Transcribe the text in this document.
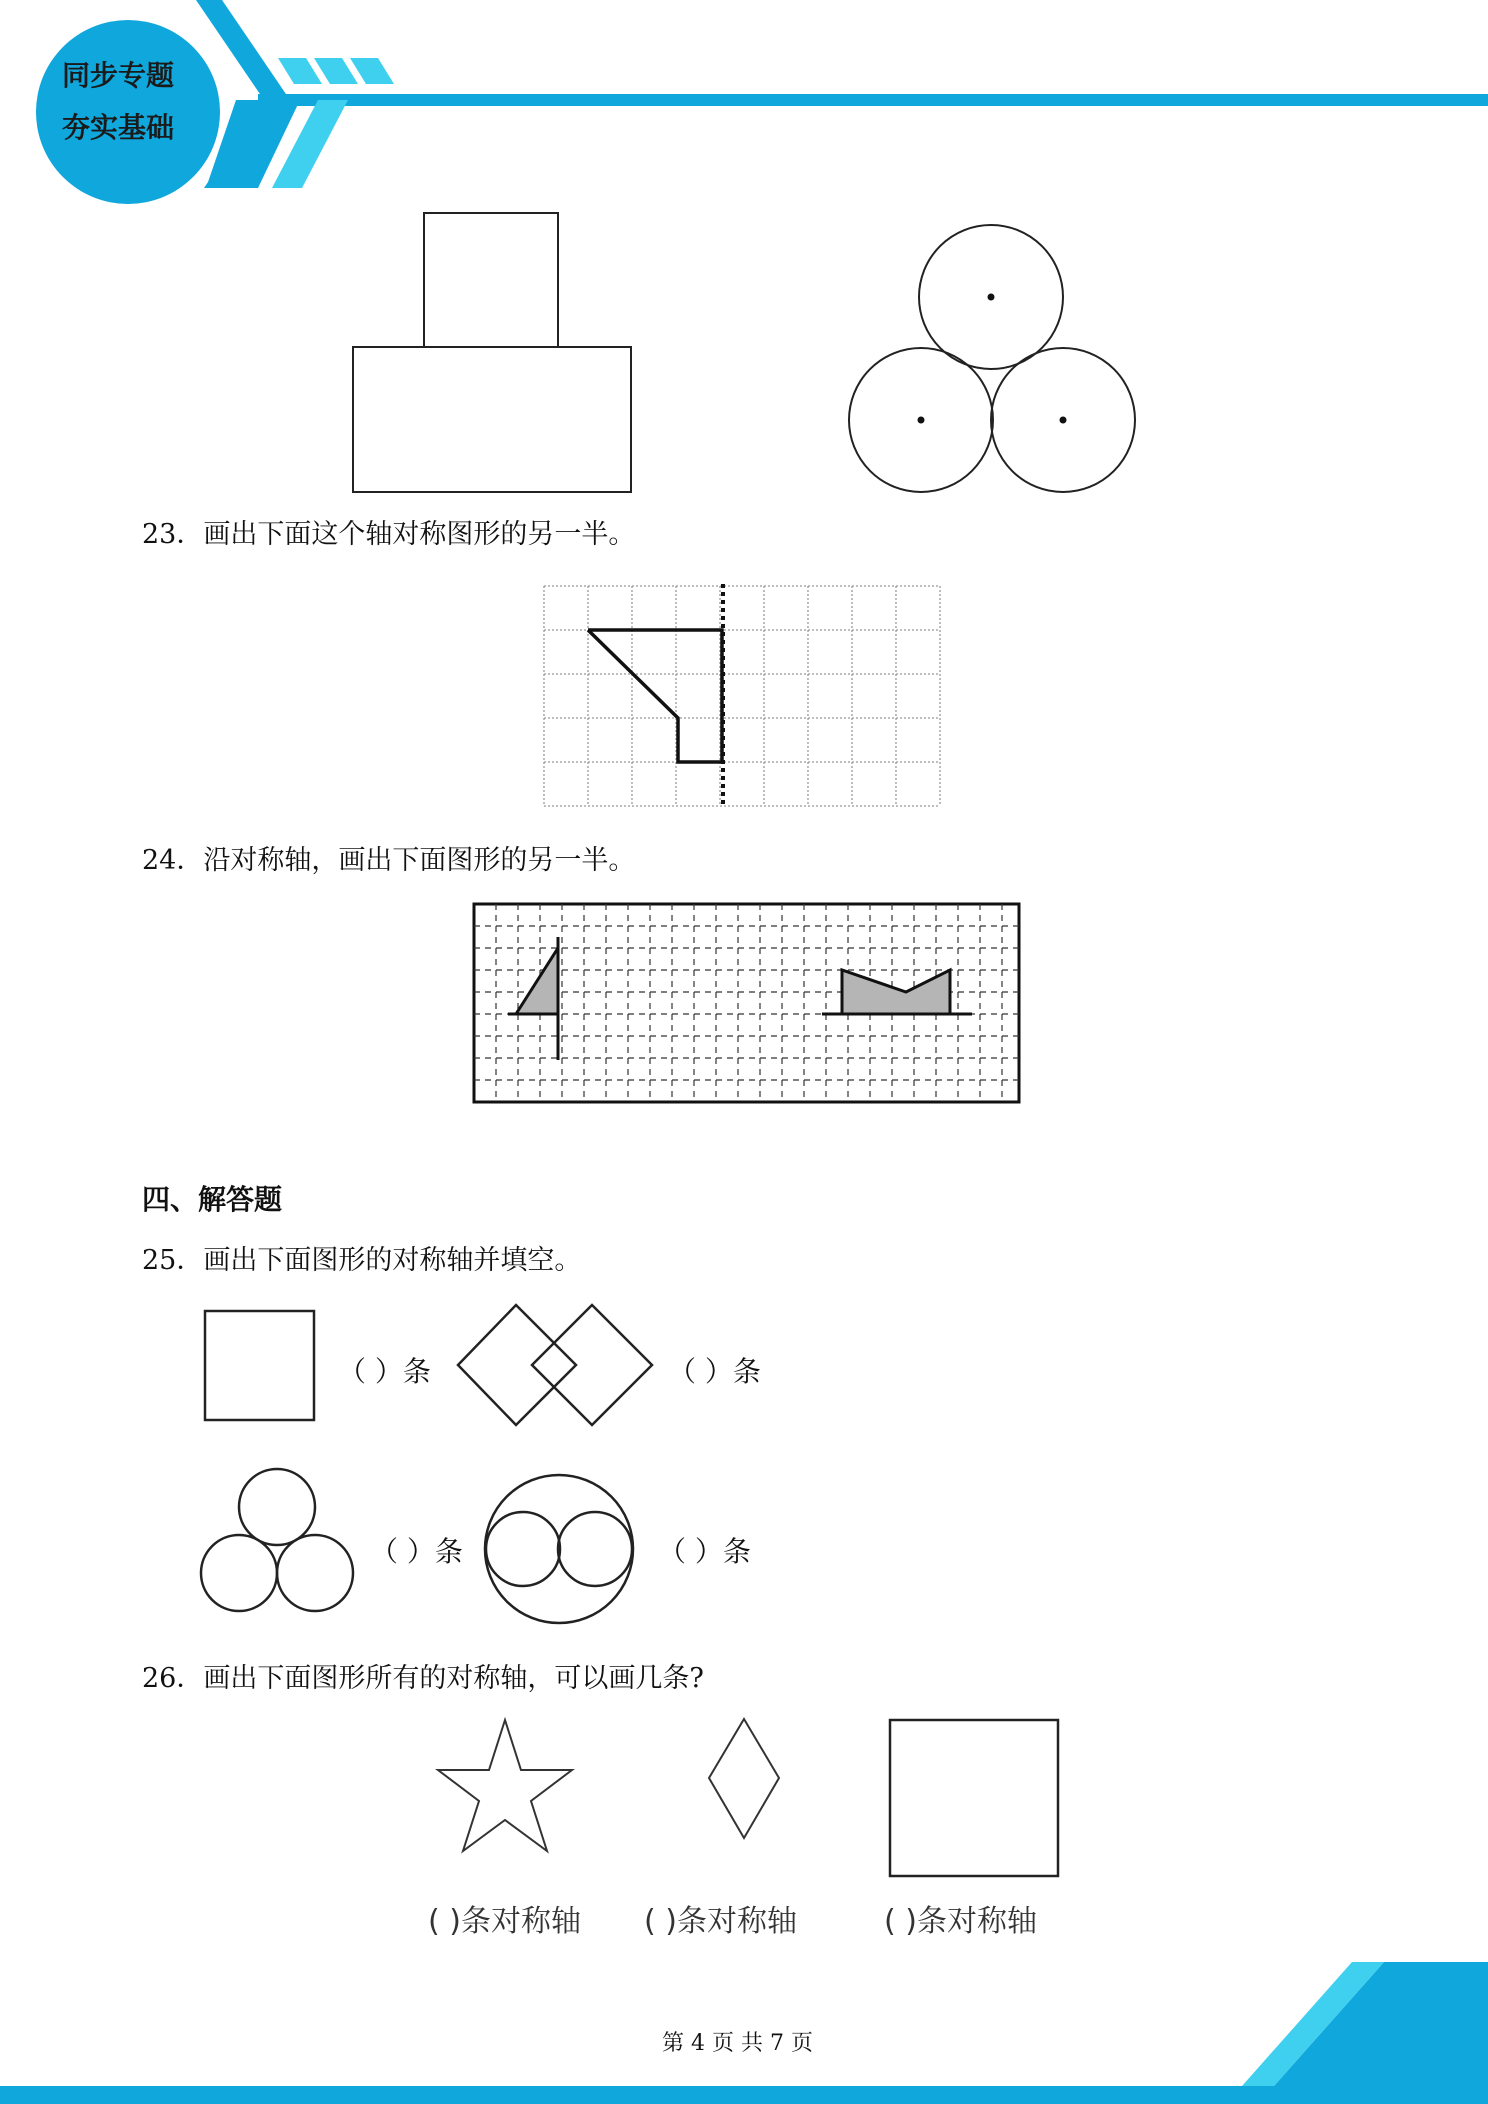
同步专题
夯实基础
23．画出下面这个轴对称图形的另一半。
24．沿对称轴，画出下面图形的另一半。
四、解答题
25．画出下面图形的对称轴并填空。
（ ）条	（ ）条
（ ）条	（ ）条
26．画出下面图形所有的对称轴，可以画几条?
( )条对称轴 ( )条对称轴	( )条对称轴
第 4 页 共 7 页
